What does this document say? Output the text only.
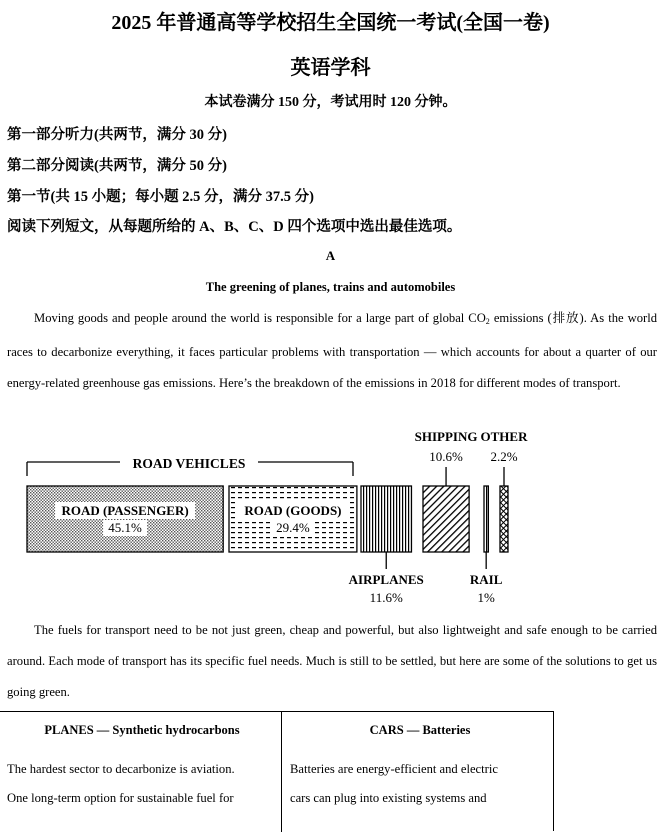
2025 年普通高等学校招生全国统一考试(全国一卷)
英语学科
本试卷满分 150 分，考试用时 120 分钟。
第一部分听力(共两节，满分 30 分)
第二部分阅读(共两节，满分 50 分)
第一节(共 15 小题；每小题 2.5 分，满分 37.5 分)
阅读下列短文，从每题所给的 A、B、C、D 四个选项中选出最佳选项。
A
The greening of planes, trains and automobiles

Moving goods and people around the world is responsible for a large part of global $CO_2$ emissions (排放). As the world races to decarbonize everything, it faces particular problems with transportation — which accounts for about a quarter of our energy-related greenhouse gas emissions. Here’s the breakdown of the emissions in 2018 for different modes of transport.

ROAD VEHICLES
ROAD (PASSENGER)
45.1%
ROAD (GOODS)
29.4%
AIRPLANES
11.6%
SHIPPING
10.6%
RAIL
1%
OTHER
2.2%

The fuels for transport need to be not just green, cheap and powerful, but also lightweight and safe enough to be carried around. Each mode of transport has its specific fuel needs. Much is still to be settled, but here are some of the solutions to get us going green.

PLANES — Synthetic hydrocarbons
The hardest sector to decarbonize is aviation.
One long-term option for sustainable fuel for
CARS — Batteries
Batteries are energy-efficient and electric
cars can plug into existing systems and
